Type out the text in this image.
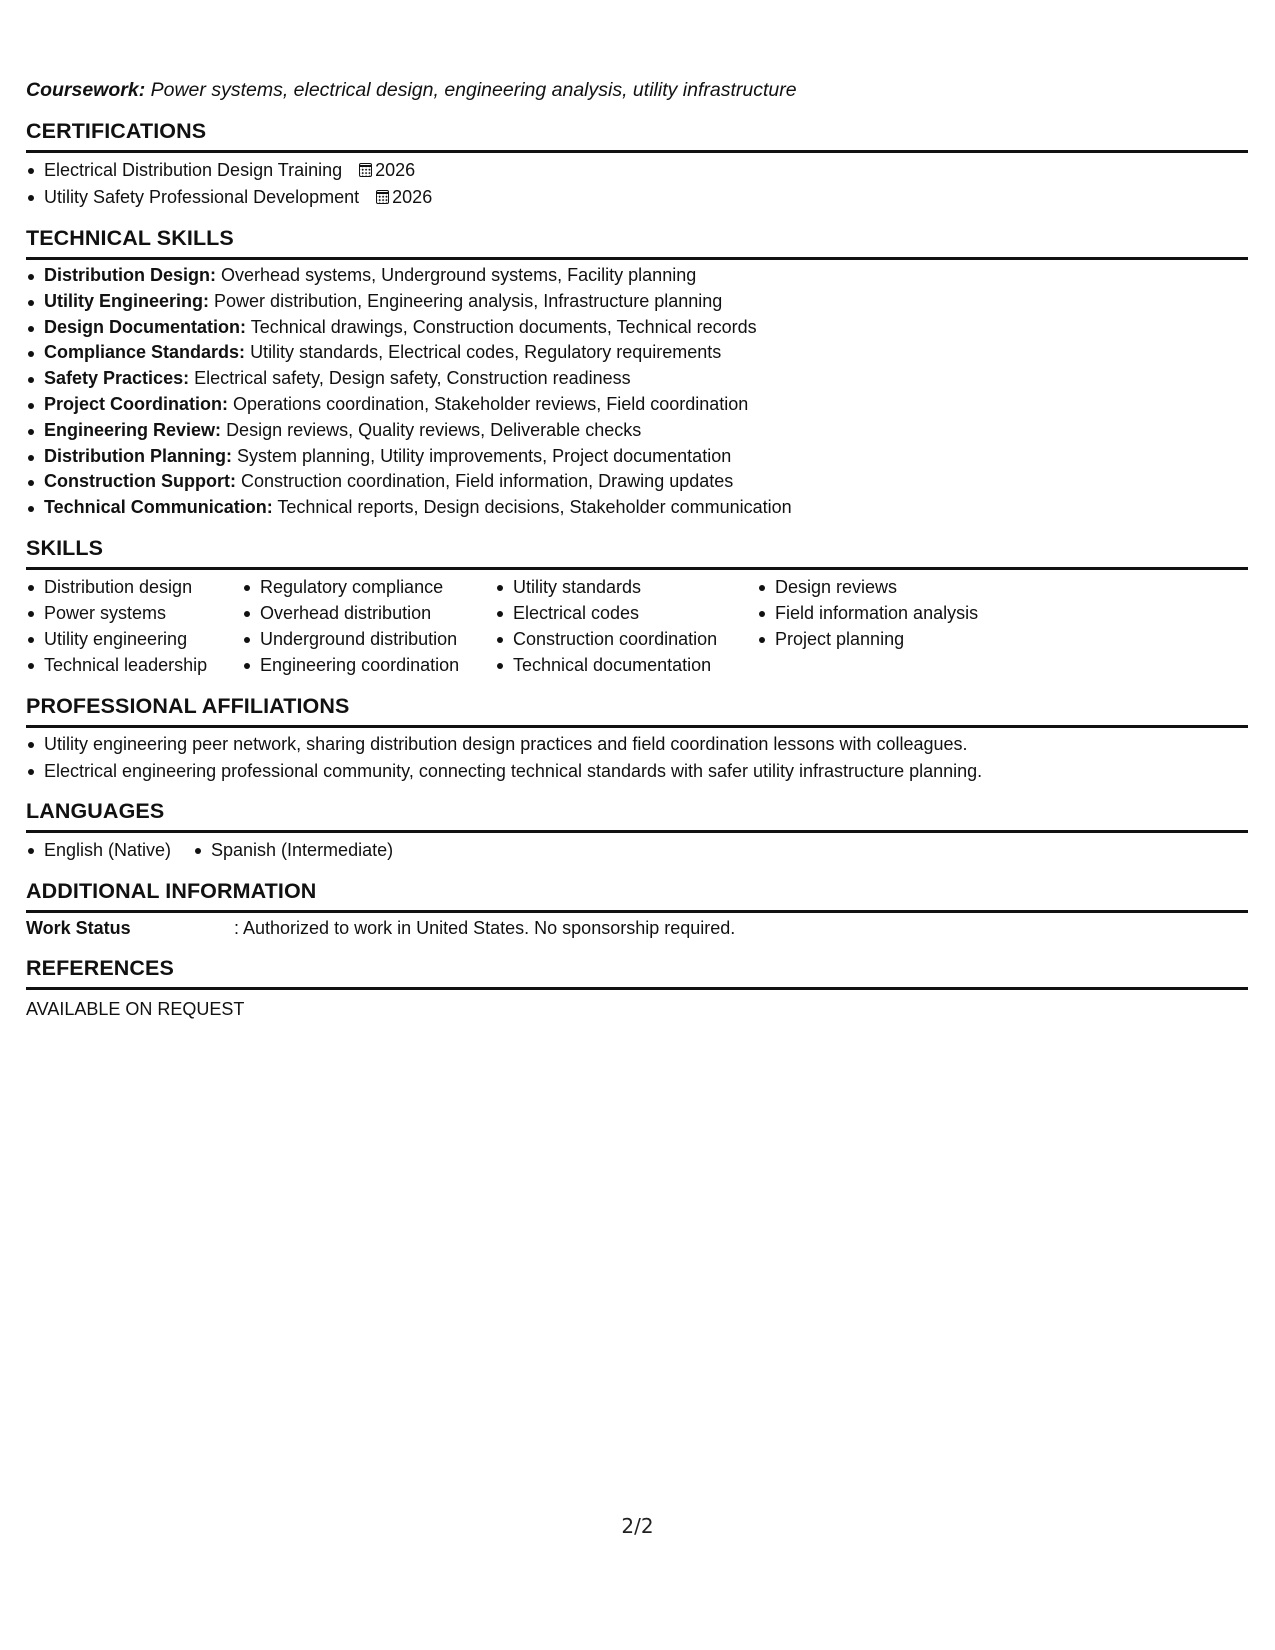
Coursework: Power systems, electrical design, engineering analysis, utility infrastructure
CERTIFICATIONS
Electrical Distribution Design Training 2026
Utility Safety Professional Development 2026
TECHNICAL SKILLS
Distribution Design: Overhead systems, Underground systems, Facility planning
Utility Engineering: Power distribution, Engineering analysis, Infrastructure planning
Design Documentation: Technical drawings, Construction documents, Technical records
Compliance Standards: Utility standards, Electrical codes, Regulatory requirements
Safety Practices: Electrical safety, Design safety, Construction readiness
Project Coordination: Operations coordination, Stakeholder reviews, Field coordination
Engineering Review: Design reviews, Quality reviews, Deliverable checks
Distribution Planning: System planning, Utility improvements, Project documentation
Construction Support: Construction coordination, Field information, Drawing updates
Technical Communication: Technical reports, Design decisions, Stakeholder communication
SKILLS
Distribution design
Power systems
Utility engineering
Technical leadership
Regulatory compliance
Overhead distribution
Underground distribution
Engineering coordination
Utility standards
Electrical codes
Construction coordination
Technical documentation
Design reviews
Field information analysis
Project planning
PROFESSIONAL AFFILIATIONS
Utility engineering peer network, sharing distribution design practices and field coordination lessons with colleagues.
Electrical engineering professional community, connecting technical standards with safer utility infrastructure planning.
LANGUAGES
English (Native)	Spanish (Intermediate)
ADDITIONAL INFORMATION
Work Status	: Authorized to work in United States. No sponsorship required.
REFERENCES
AVAILABLE ON REQUEST
2/2
